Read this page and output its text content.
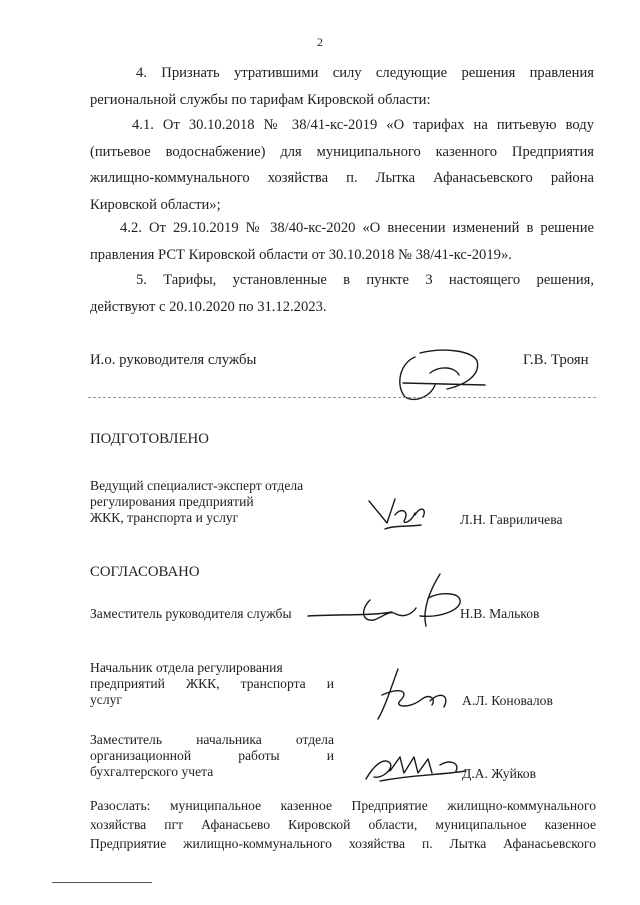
2
4. Признать утратившими силу следующие решения правления
региональной службы по тарифам Кировской области:
4.1. От 30.10.2018 № 38/41-кс-2019 «О тарифах на питьевую воду
(питьевое водоснабжение) для муниципального казенного Предприятия
жилищно-коммунального хозяйства п. Лытка Афанасьевского района
Кировской области»;
4.2. От 29.10.2019 № 38/40-кс-2020 «О внесении изменений в решение
правления РСТ Кировской области от 30.10.2018 № 38/41-кс-2019».
5. Тарифы, установленные в пункте 3 настоящего решения,
действуют с 20.10.2020 по 31.12.2023.
И.о. руководителя службы	Г.В. Троян
ПОДГОТОВЛЕНО
Ведущий специалист-эксперт отдела
регулирования предприятий
ЖКК, транспорта и услуг	Л.Н. Гавриличева
СОГЛАСОВАНО
Заместитель руководителя службы	Н.В. Мальков
Начальник отдела регулирования
предприятий ЖКК, транспорта и
услуг	А.Л. Коновалов
Заместитель начальника отдела
организационной работы и
бухгалтерского учета	Д.А. Жуйков
Разослать: муниципальное казенное Предприятие жилищно-коммунального
хозяйства пгт Афанасьево Кировской области, муниципальное казенное
Предприятие жилищно-коммунального хозяйства п. Лытка Афанасьевского
